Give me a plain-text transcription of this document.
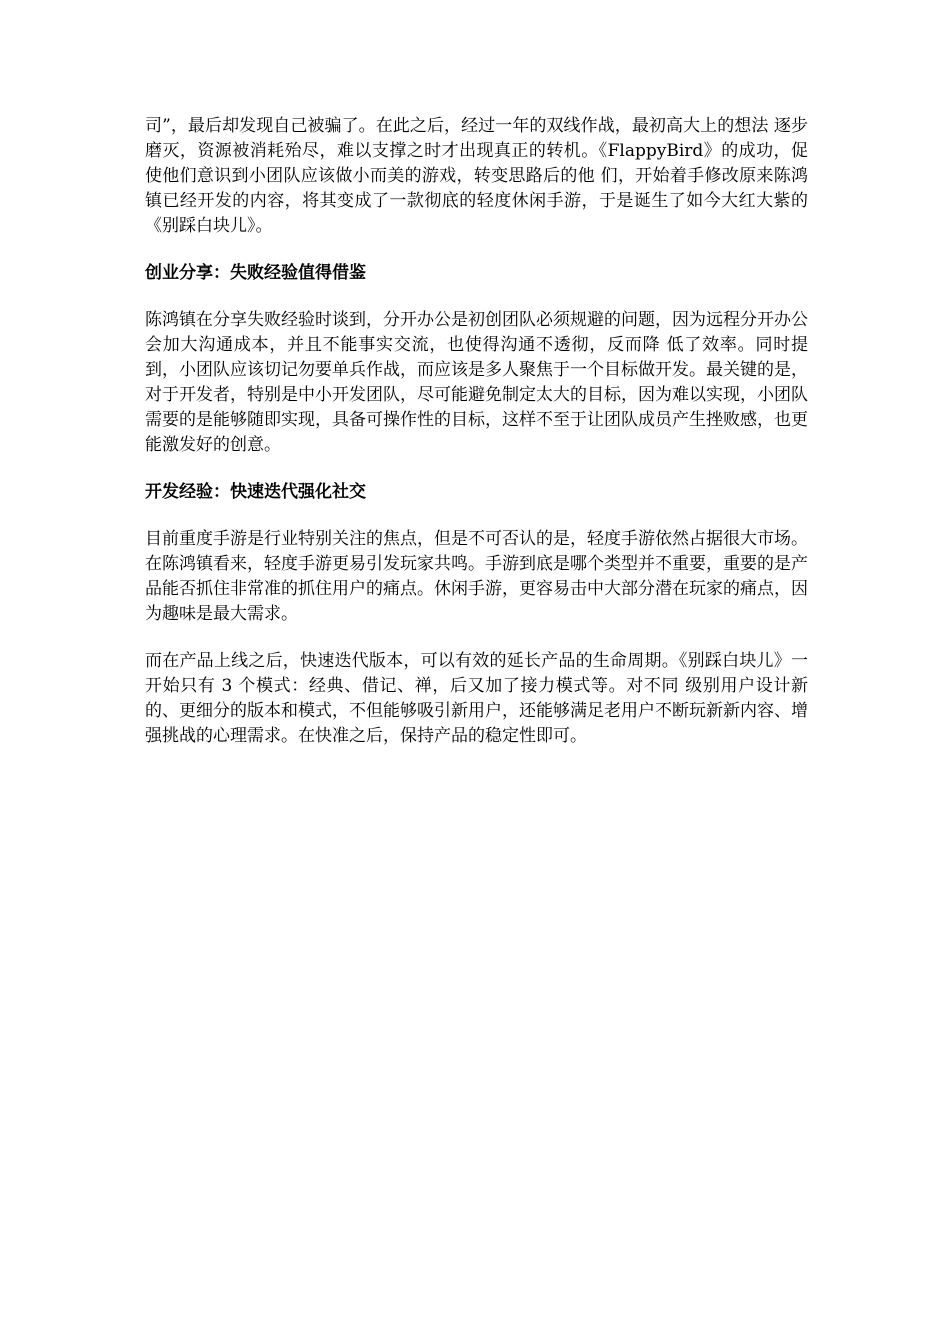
司”，最后却发现自己被骗了。在此之后，经过一年的双线作战，最初高大上的想法 逐步磨灭，资源被消耗殆尽，难以支撑之时才出现真正的转机。《FlappyBird》的成功，促使他们意识到小团队应该做小而美的游戏，转变思路后的他 们，开始着手修改原来陈鸿镇已经开发的内容，将其变成了一款彻底的轻度休闲手游，于是诞生了如今大红大紫的《别踩白块儿》。

创业分享：失败经验值得借鉴

陈鸿镇在分享失败经验时谈到，分开办公是初创团队必须规避的问题，因为远程分开办公会加大沟通成本，并且不能事实交流，也使得沟通不透彻，反而降 低了效率。同时提到，小团队应该切记勿要单兵作战，而应该是多人聚焦于一个目标做开发。最关键的是，对于开发者，特别是中小开发团队，尽可能避免制定太大的目标，因为难以实现，小团队需要的是能够随即实现，具备可操作性的目标，这样不至于让团队成员产生挫败感，也更能激发好的创意。

开发经验：快速迭代强化社交

目前重度手游是行业特别关注的焦点，但是不可否认的是，轻度手游依然占据很大市场。在陈鸿镇看来，轻度手游更易引发玩家共鸣。手游到底是哪个类型并不重要，重要的是产品能否抓住非常准的抓住用户的痛点。休闲手游，更容易击中大部分潜在玩家的痛点，因为趣味是最大需求。

而在产品上线之后，快速迭代版本，可以有效的延长产品的生命周期。《别踩白块儿》一开始只有 3 个模式：经典、借记、禅，后又加了接力模式等。对不同 级别用户设计新的、更细分的版本和模式，不但能够吸引新用户，还能够满足老用户不断玩新新内容、增强挑战的心理需求。在快准之后，保持产品的稳定性即可。
